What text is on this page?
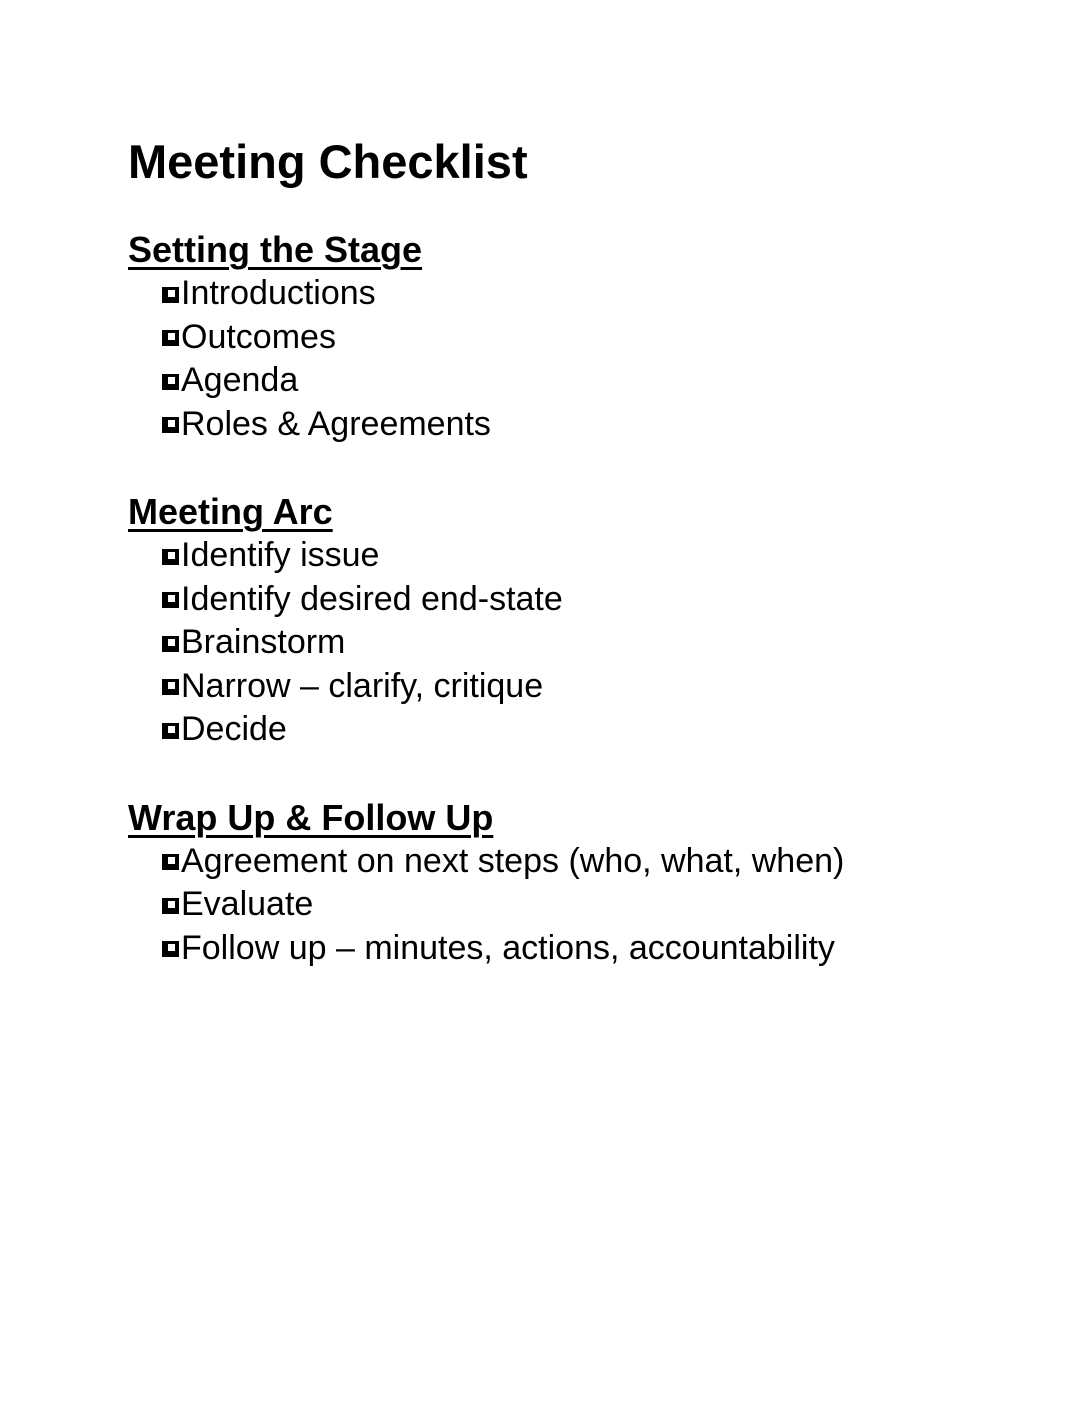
Meeting Checklist
Setting the Stage
Introductions
Outcomes
Agenda
Roles & Agreements
Meeting Arc
Identify issue
Identify desired end-state
Brainstorm
Narrow – clarify, critique
Decide
Wrap Up & Follow Up
Agreement on next steps (who, what, when)
Evaluate
Follow up – minutes, actions, accountability
